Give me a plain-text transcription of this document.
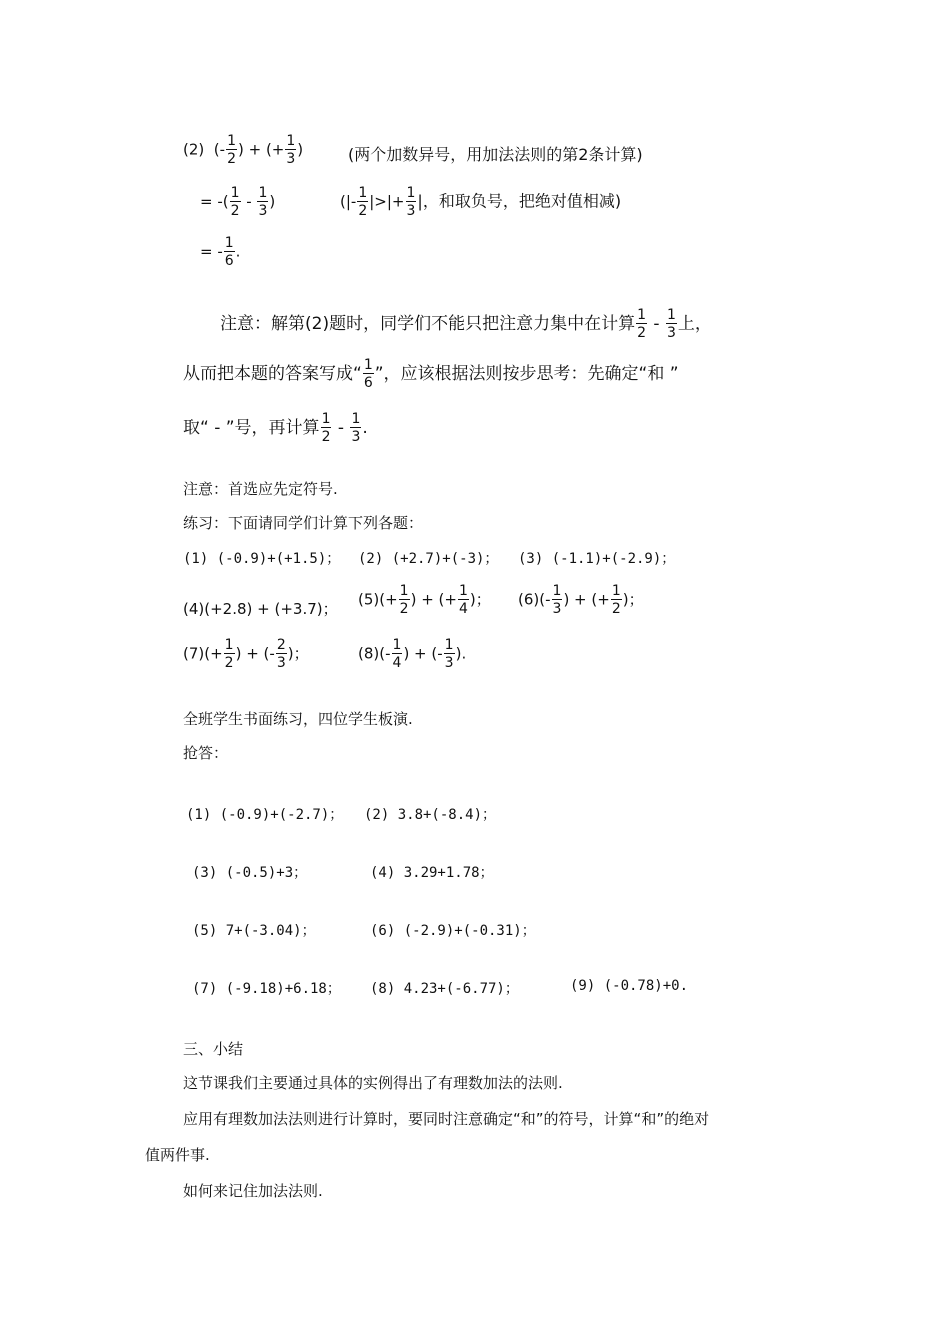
(2) (- $\frac{1}{2}$ ) + (+ $\frac{1}{3}$ )	(两个加数异号，用加法法则的第2条计算)
= -( $\frac{1}{2} - \frac{1}{3}$ )	(|- $\frac{1}{2}$ |>|+ $\frac{1}{3}$ |，和取负号，把绝对值相减)
= - $\frac{1}{6}$ .
注意：解第(2)题时，同学们不能只把注意力集中在计算 $\frac{1}{2} - \frac{1}{3}$ 上，
从而把本题的答案写成“ $\frac{1}{6}$ ”，应该根据法则按步思考：先确定“和 ”
取“ - ”号，再计算 $\frac{1}{2} - \frac{1}{3}$ .
注意：首选应先定符号.
练习：下面请同学们计算下列各题：
(1) (-0.9)+(+1.5)； (2) (+2.7)+(-3)； (3) (-1.1)+(-2.9)；
(4)(+2.8) + (+3.7)；
$(5)(+ \frac{1}{2}$ ) + (+ $\frac{1}{4}$ )； $(6)(- \frac{1}{3}$ ) + (+ $\frac{1}{2}$ )；
$(7)(+ \frac{1}{2}$ ) + (- $\frac{2}{3}$ )；	$(8)(- \frac{1}{4}$ ) + (- $\frac{1}{3}$ ).
全班学生书面练习，四位学生板演.
抢答：
(1) (-0.9)+(-2.7)； (2) 3.8+(-8.4)；
(3) (-0.5)+3；	(4) 3.29+1.78；
(5) 7+(-3.04)；	(6) (-2.9)+(-0.31)；
(7) (-9.18)+6.18； (8) 4.23+(-6.77)；	(9) (-0.78)+0.
三、小结
这节课我们主要通过具体的实例得出了有理数加法的法则.
应用有理数加法法则进行计算时，要同时注意确定“和”的符号，计算“和”的绝对
值两件事.
如何来记住加法法则.
